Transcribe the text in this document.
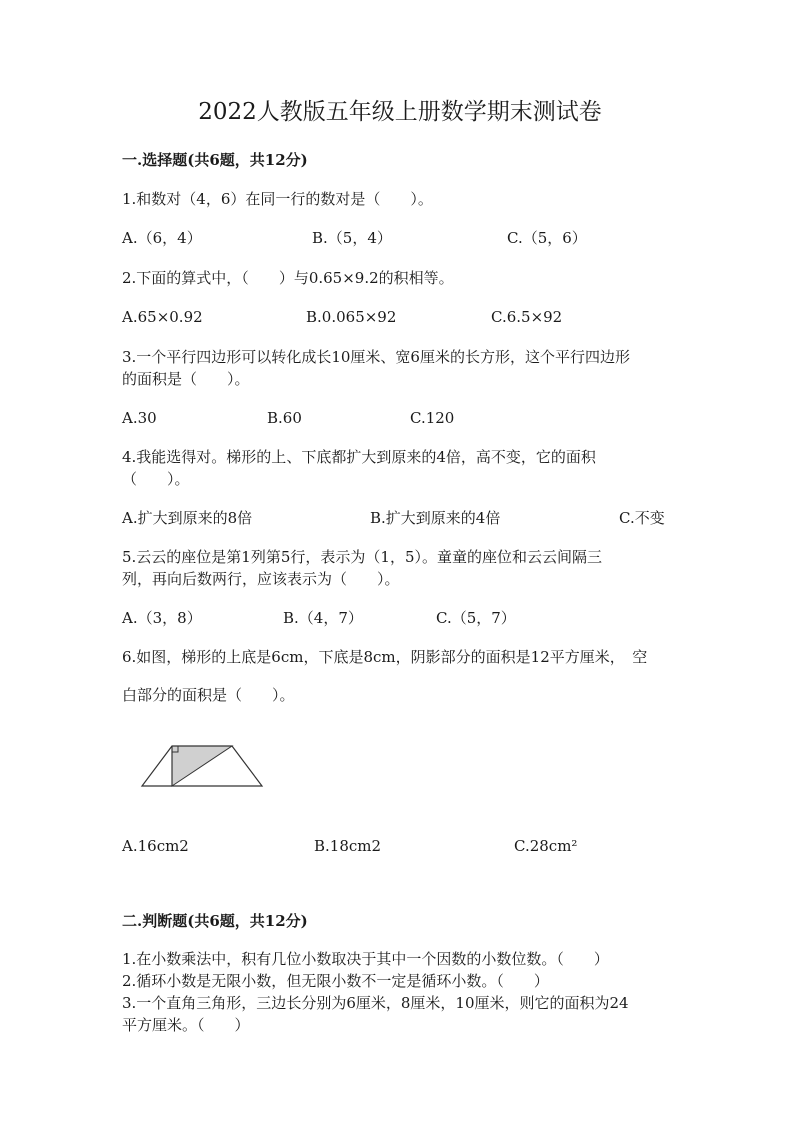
2022人教版五年级上册数学期末测试卷
一.选择题(共6题，共12分)
1.和数对（4，6）在同一行的数对是（　　）。
A.（6，4）	B.（5，4）	C.（5，6）
2.下面的算式中，（　　）与0.65×9.2的积相等。
A.65×0.92	B.0.065×92	C.6.5×92
3.一个平行四边形可以转化成长10厘米、宽6厘米的长方形，这个平行四边形
的面积是（　　）。
A.30	B.60	C.120
4.我能选得对。梯形的上、下底都扩大到原来的4倍，高不变，它的面积
（　　）。
A.扩大到原来的8倍	B.扩大到原来的4倍	C.不变
5.云云的座位是第1列第5行，表示为（1，5）。童童的座位和云云间隔三
列，再向后数两行，应该表示为（　　）。
A.（3，8）	B.（4，7）	C.（5，7）
6.如图，梯形的上底是6cm，下底是8cm，阴影部分的面积是12平方厘米，　空
白部分的面积是（　　）。
A.16cm2	B.18cm2	C.28cm²
二.判断题(共6题，共12分)
1.在小数乘法中，积有几位小数取决于其中一个因数的小数位数。（　　）
2.循环小数是无限小数，但无限小数不一定是循环小数。（　　）
3.一个直角三角形，三边长分别为6厘米，8厘米，10厘米，则它的面积为24
平方厘米。（　　）
